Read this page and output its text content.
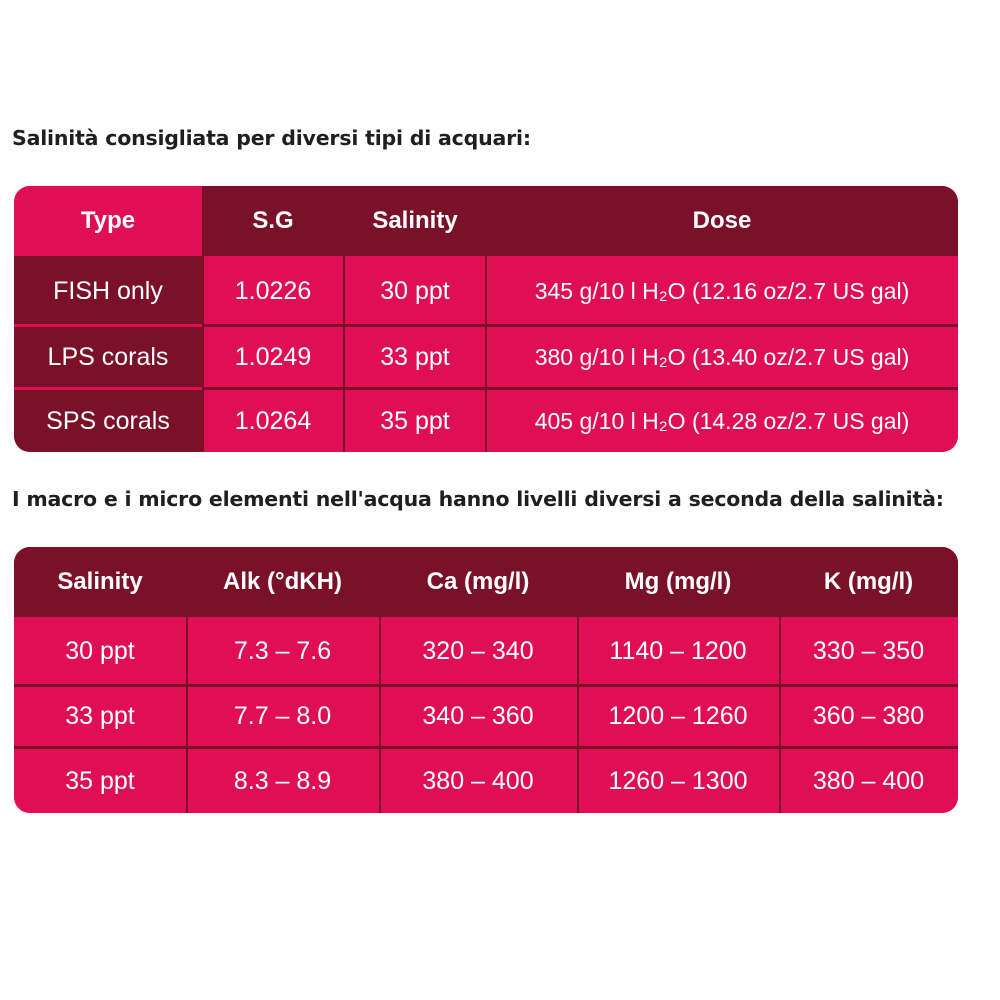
Salinità consigliata per diversi tipi di acquari:
Type	S.G	Salinity	Dose
FISH only	1.0226	30 ppt	345 g/10 l H₂O (12.16 oz/2.7 US gal)
LPS corals	1.0249	33 ppt	380 g/10 l H₂O (13.40 oz/2.7 US gal)
SPS corals	1.0264	35 ppt	405 g/10 l H₂O (14.28 oz/2.7 US gal)
I macro e i micro elementi nell'acqua hanno livelli diversi a seconda della salinità:
Salinity	Alk (°dKH)	Ca (mg/l)	Mg (mg/l)	K (mg/l)
30 ppt	7.3 – 7.6	320 – 340	1140 – 1200	330 – 350
33 ppt	7.7 – 8.0	340 – 360	1200 – 1260	360 – 380
35 ppt	8.3 – 8.9	380 – 400	1260 – 1300	380 – 400
